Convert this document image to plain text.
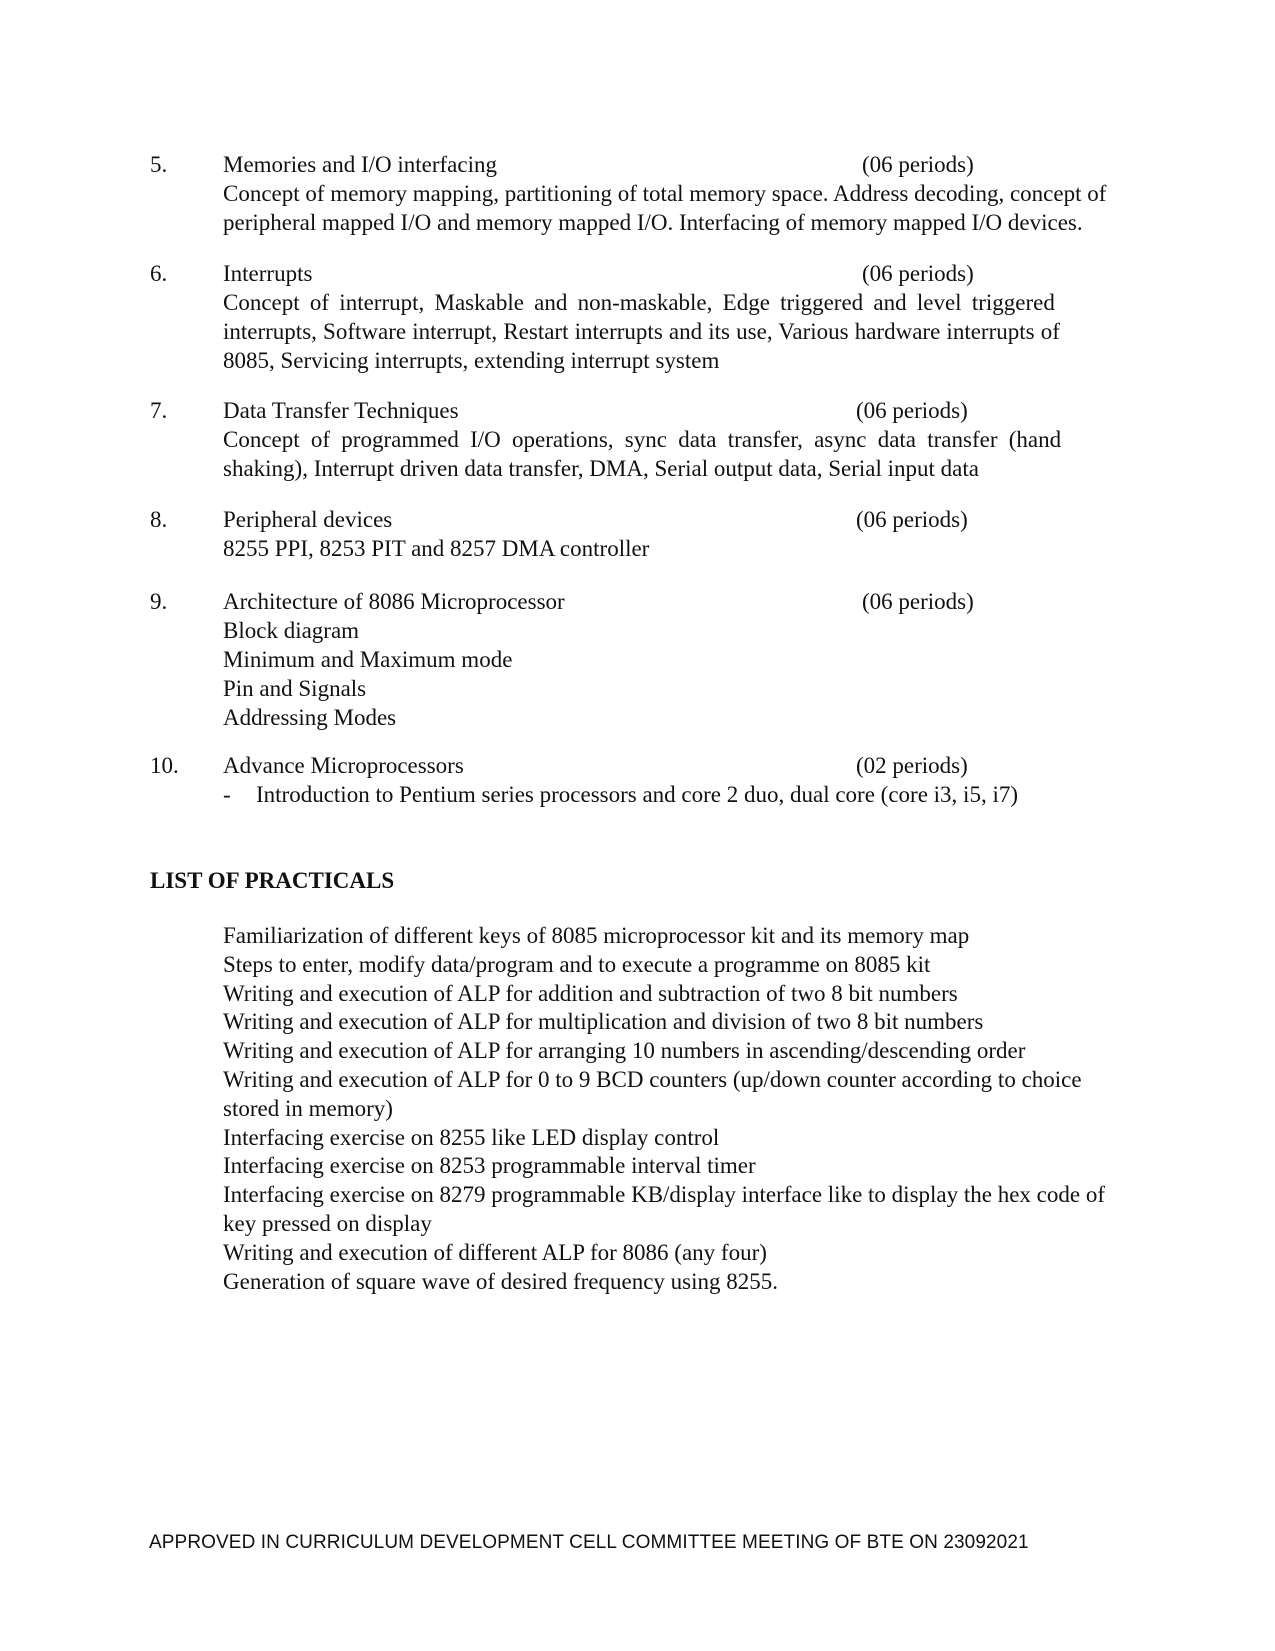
5. Memories and I/O interfacing	(06 periods)
Concept of memory mapping, partitioning of total memory space. Address decoding, concept of
peripheral mapped I/O and memory mapped I/O. Interfacing of memory mapped I/O devices.
6. Interrupts	(06 periods)
Concept of interrupt, Maskable and non-maskable, Edge triggered and level triggered
interrupts, Software interrupt, Restart interrupts and its use, Various hardware interrupts of
8085, Servicing interrupts, extending interrupt system
7. Data Transfer Techniques	(06 periods)
Concept of programmed I/O operations, sync data transfer, async data transfer (hand
shaking), Interrupt driven data transfer, DMA, Serial output data, Serial input data
8. Peripheral devices	(06 periods)
8255 PPI, 8253 PIT and 8257 DMA controller
9. Architecture of 8086 Microprocessor	(06 periods)
Block diagram
Minimum and Maximum mode
Pin and Signals
Addressing Modes
10. Advance Microprocessors	(02 periods)
- Introduction to Pentium series processors and core 2 duo, dual core (core i3, i5, i7)
LIST OF PRACTICALS
Familiarization of different keys of 8085 microprocessor kit and its memory map
Steps to enter, modify data/program and to execute a programme on 8085 kit
Writing and execution of ALP for addition and subtraction of two 8 bit numbers
Writing and execution of ALP for multiplication and division of two 8 bit numbers
Writing and execution of ALP for arranging 10 numbers in ascending/descending order
Writing and execution of ALP for 0 to 9 BCD counters (up/down counter according to choice stored in memory)
Interfacing exercise on 8255 like LED display control
Interfacing exercise on 8253 programmable interval timer
Interfacing exercise on 8279 programmable KB/display interface like to display the hex code of key pressed on display
Writing and execution of different ALP for 8086 (any four)
Generation of square wave of desired frequency using 8255.
APPROVED IN CURRICULUM DEVELOPMENT CELL COMMITTEE MEETING OF BTE ON 23092021
